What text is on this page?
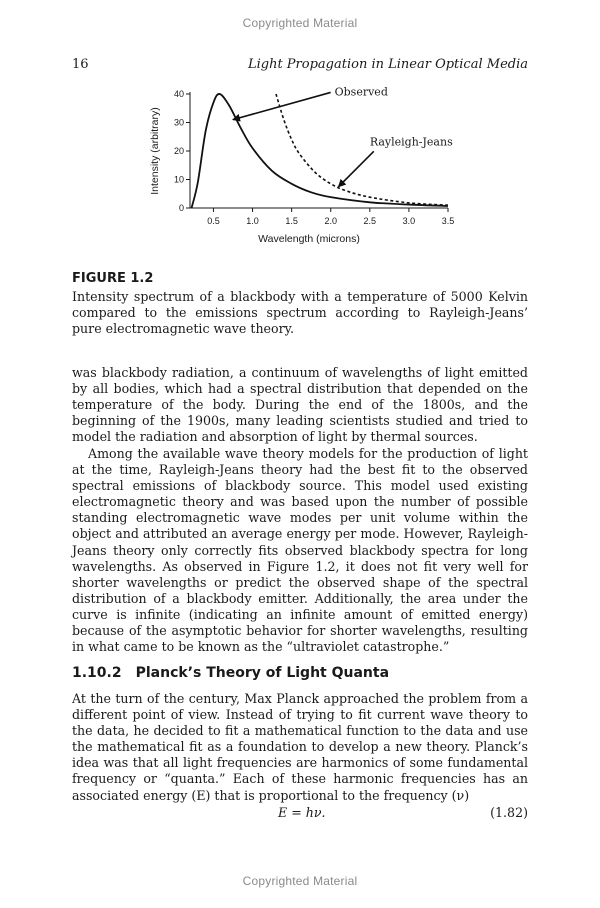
Copyrighted Material
16	Light Propagation in Linear Optical Media
0
10
20
30
40
0.5	1.0	1.5	2.0	2.5	3.0	3.5
Wavelength (microns)
Intensity (arbitrary)
Observed
Rayleigh-Jeans
FIGURE 1.2
Intensity spectrum of a blackbody with a temperature of 5000 Kelvin compared to the emissions spectrum according to Rayleigh-Jeans’ pure electromagnetic wave theory.
was blackbody radiation, a continuum of wavelengths of light emitted by all bodies, which had a spectral distribution that depended on the temperature of the body. During the end of the 1800s, and the beginning of the 1900s, many leading scientists studied and tried to model the radiation and absorption of light by thermal sources.
Among the available wave theory models for the production of light at the time, Rayleigh-Jeans theory had the best fit to the observed spectral emissions of blackbody source. This model used existing electromagnetic theory and was based upon the number of possible standing electromagnetic wave modes per unit volume within the object and attributed an average energy per mode. However, Rayleigh-Jeans theory only correctly fits observed blackbody spectra for long wavelengths. As observed in Figure 1.2, it does not fit very well for shorter wavelengths or predict the observed shape of the spectral distribution of a blackbody emitter. Additionally, the area under the curve is infinite (indicating an infinite amount of emitted energy) because of the asymptotic behavior for shorter wavelengths, resulting in what came to be known as the “ultraviolet catastrophe.”
1.10.2 Planck’s Theory of Light Quanta
At the turn of the century, Max Planck approached the problem from a different point of view. Instead of trying to fit current wave theory to the data, he decided to fit a mathematical function to the data and use the mathematical fit as a foundation to develop a new theory. Planck’s idea was that all light frequencies are harmonics of some fundamental frequency or “quanta.” Each of these harmonic frequencies has an associated energy (E) that is proportional to the frequency (ν)
E = hν.	(1.82)
Copyrighted Material
